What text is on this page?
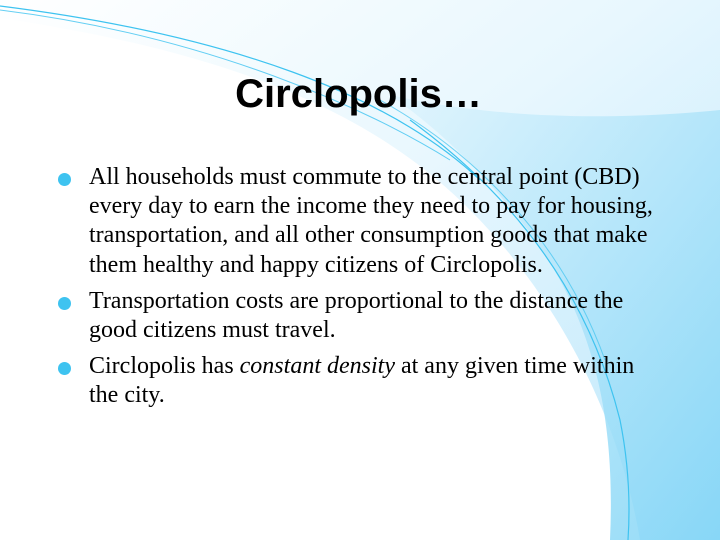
Circlopolis…
All households must commute to the central point (CBD) every day to earn the income they need to pay for housing, transportation, and all other consumption goods that make them healthy and happy citizens of Circlopolis.
Transportation costs are proportional to the distance the good citizens must travel.
Circlopolis has constant density at any given time within the city.
